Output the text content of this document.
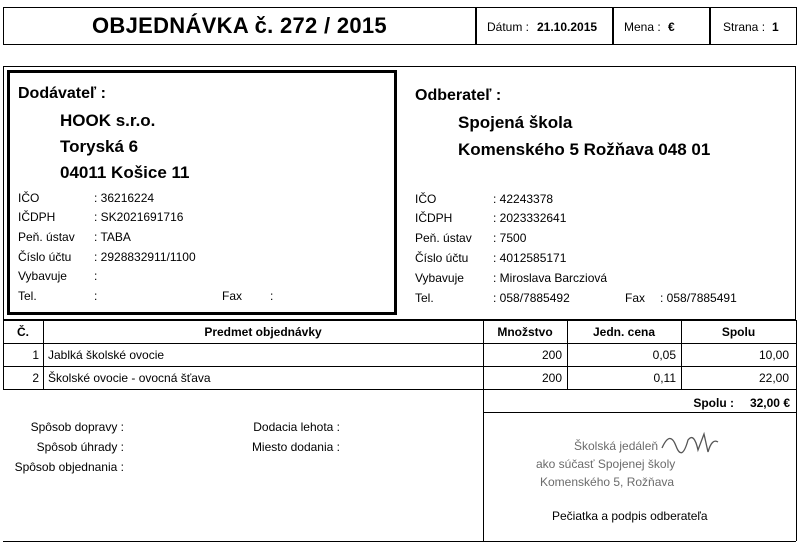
OBJEDNÁVKA č. 272 / 2015	Dátum : 21.10.2015 Mena : €	Strana : 1
Dodávateľ :
HOOK s.r.o.
Toryská 6
04011 Košice 11
IČO	: 36216224
IČDPH	: SK2021691716
Peň. ústav : TABA
Číslo účtu : 2928832911/1100
Vybavuje :
Tel.	:	Fax :
Odberateľ :
Spojená škola
Komenského 5 Rožňava 048 01
IČO	: 42243378
IČDPH	: 2023332641
Peň. ústav : 7500
Číslo účtu : 4012585171
Vybavuje : Miroslava Barcziová
Tel.	: 058/7885492	Fax : 058/7885491
Č.	Predmet objednávky	Množstvo	Jedn. cena	Spolu
1 Jablká školské ovocie	200	0,05	10,00
2 Školské ovocie - ovocná šťava	200	0,11	22,00
Spolu :	32,00 €
Spôsob dopravy :
Spôsob úhrady :
Spôsob objednania :
Dodacia lehota :
Miesto dodania :	Školská jedáleň
ako súčasť Spojenej školy
Komenského 5, Rožňava
Pečiatka a podpis odberateľa
